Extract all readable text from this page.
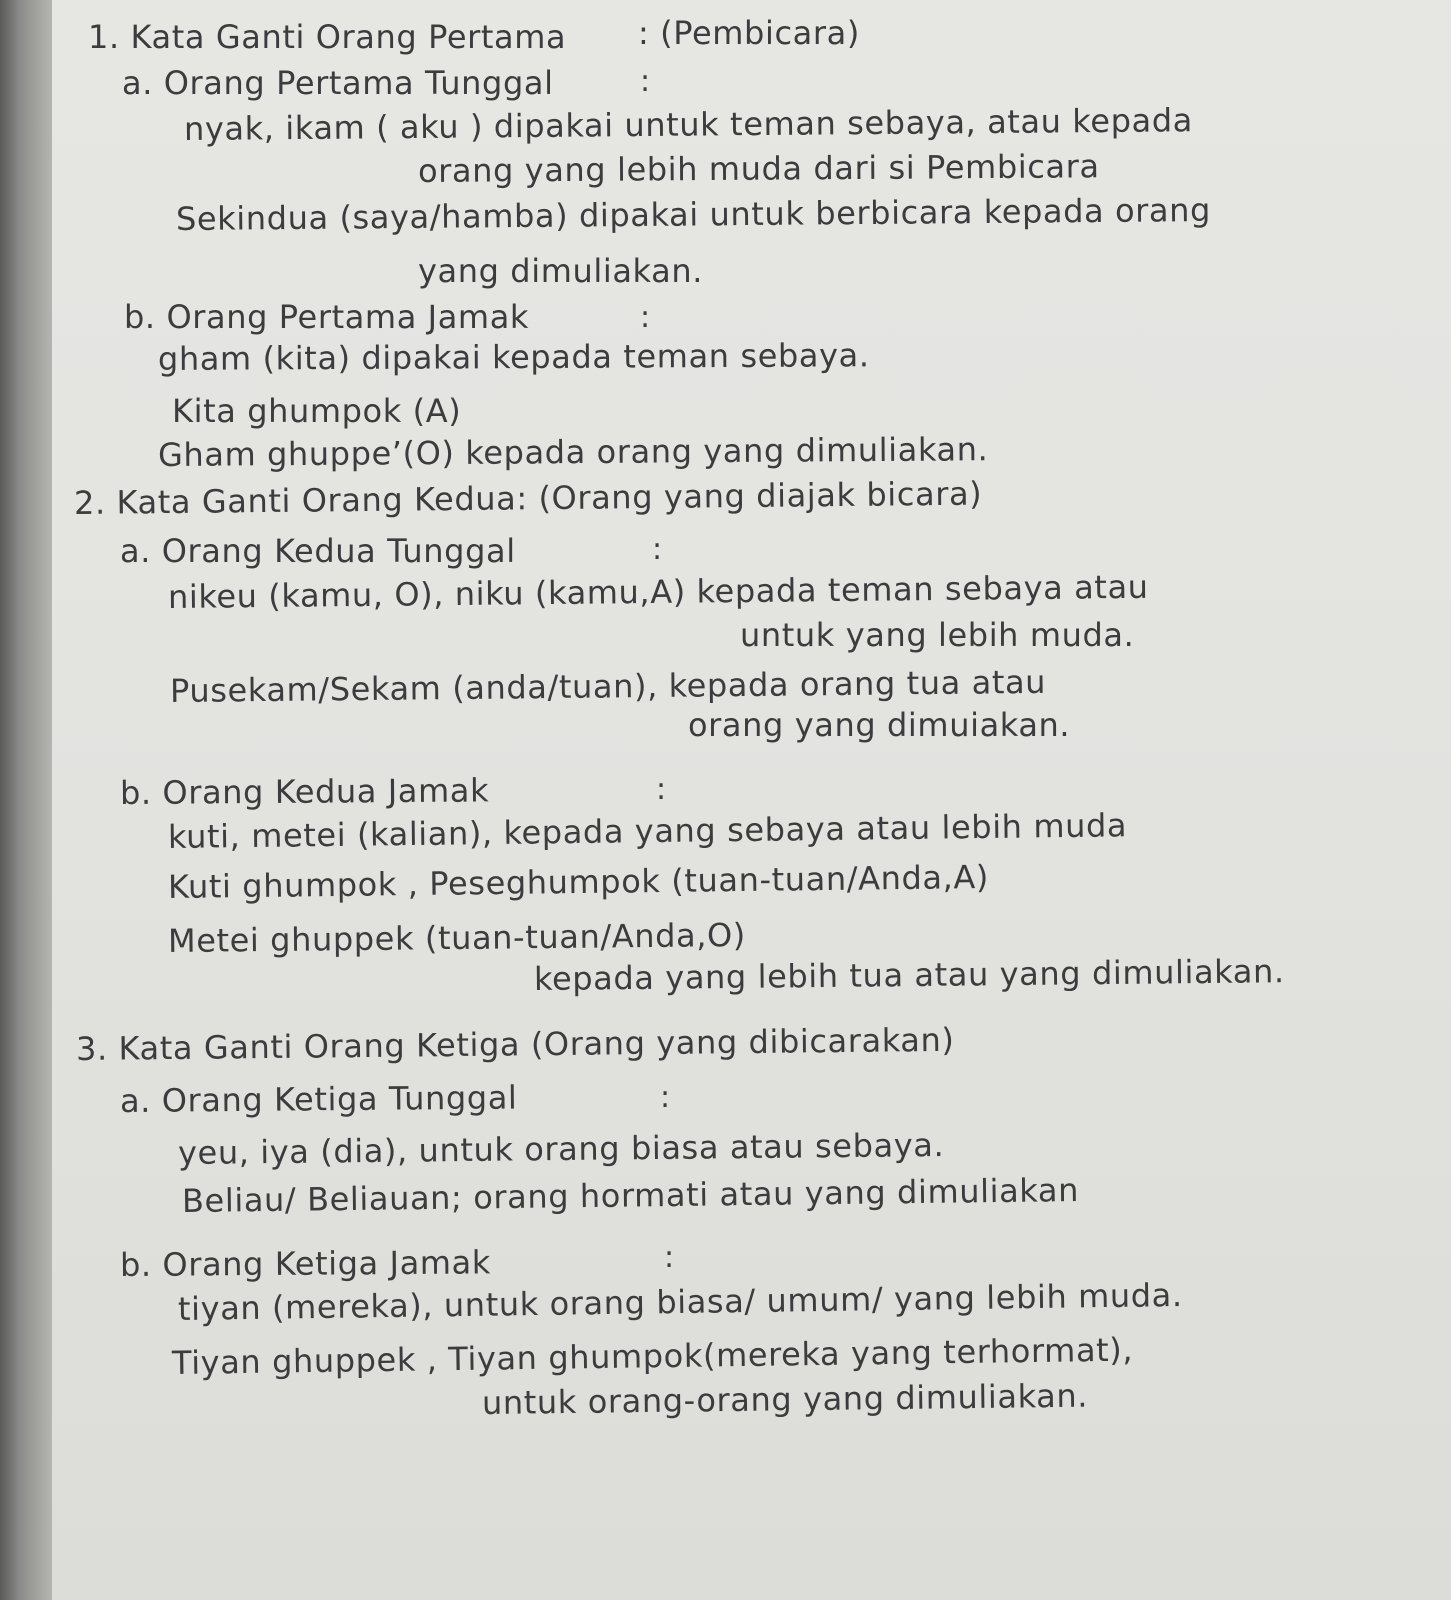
1. Kata Ganti Orang Pertama : (Pembicara)
a. Orang Pertama Tunggal	:
nyak, ikam ( aku ) dipakai untuk teman sebaya, atau kepada
orang yang lebih muda dari si Pembicara
Sekindua (saya/hamba) dipakai untuk berbicara kepada orang
yang dimuliakan.
b. Orang Pertama Jamak	:
gham (kita) dipakai kepada teman sebaya.
Kita ghumpok (A)
Gham ghuppe’(O) kepada orang yang dimuliakan.
2. Kata Ganti Orang Kedua: (Orang yang diajak bicara)
a. Orang Kedua Tunggal	:
nikeu (kamu, O), niku (kamu,A) kepada teman sebaya atau
untuk yang lebih muda.
Pusekam/Sekam (anda/tuan), kepada orang tua atau
orang yang dimuiakan.
b. Orang Kedua Jamak	:
kuti, metei (kalian), kepada yang sebaya atau lebih muda
Kuti ghumpok , Peseghumpok (tuan-tuan/Anda,A)
Metei ghuppek (tuan-tuan/Anda,O)
kepada yang lebih tua atau yang dimuliakan.
3. Kata Ganti Orang Ketiga (Orang yang dibicarakan)
a. Orang Ketiga Tunggal	:
yeu, iya (dia), untuk orang biasa atau sebaya.
Beliau/ Beliauan; orang hormati atau yang dimuliakan
b. Orang Ketiga Jamak	:
tiyan (mereka), untuk orang biasa/ umum/ yang lebih muda.
Tiyan ghuppek , Tiyan ghumpok(mereka yang terhormat),
untuk orang-orang yang dimuliakan.
